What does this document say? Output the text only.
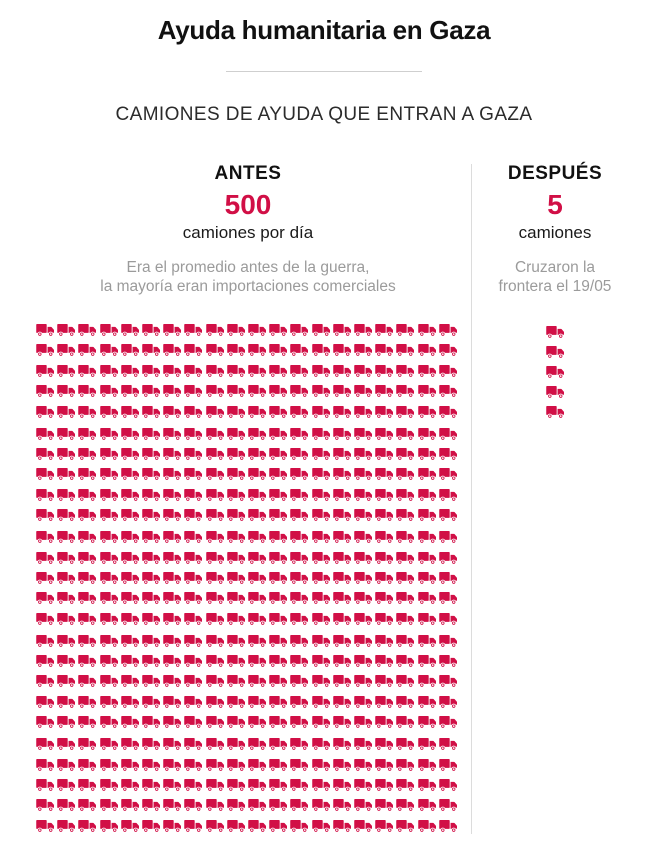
Ayuda humanitaria en Gaza
CAMIONES DE AYUDA QUE ENTRAN A GAZA
ANTES
500
camiones por día
Era el promedio antes de la guerra,
la mayoría eran importaciones comerciales
DESPUÉS
5
camiones
Cruzaron la
frontera el 19/05
